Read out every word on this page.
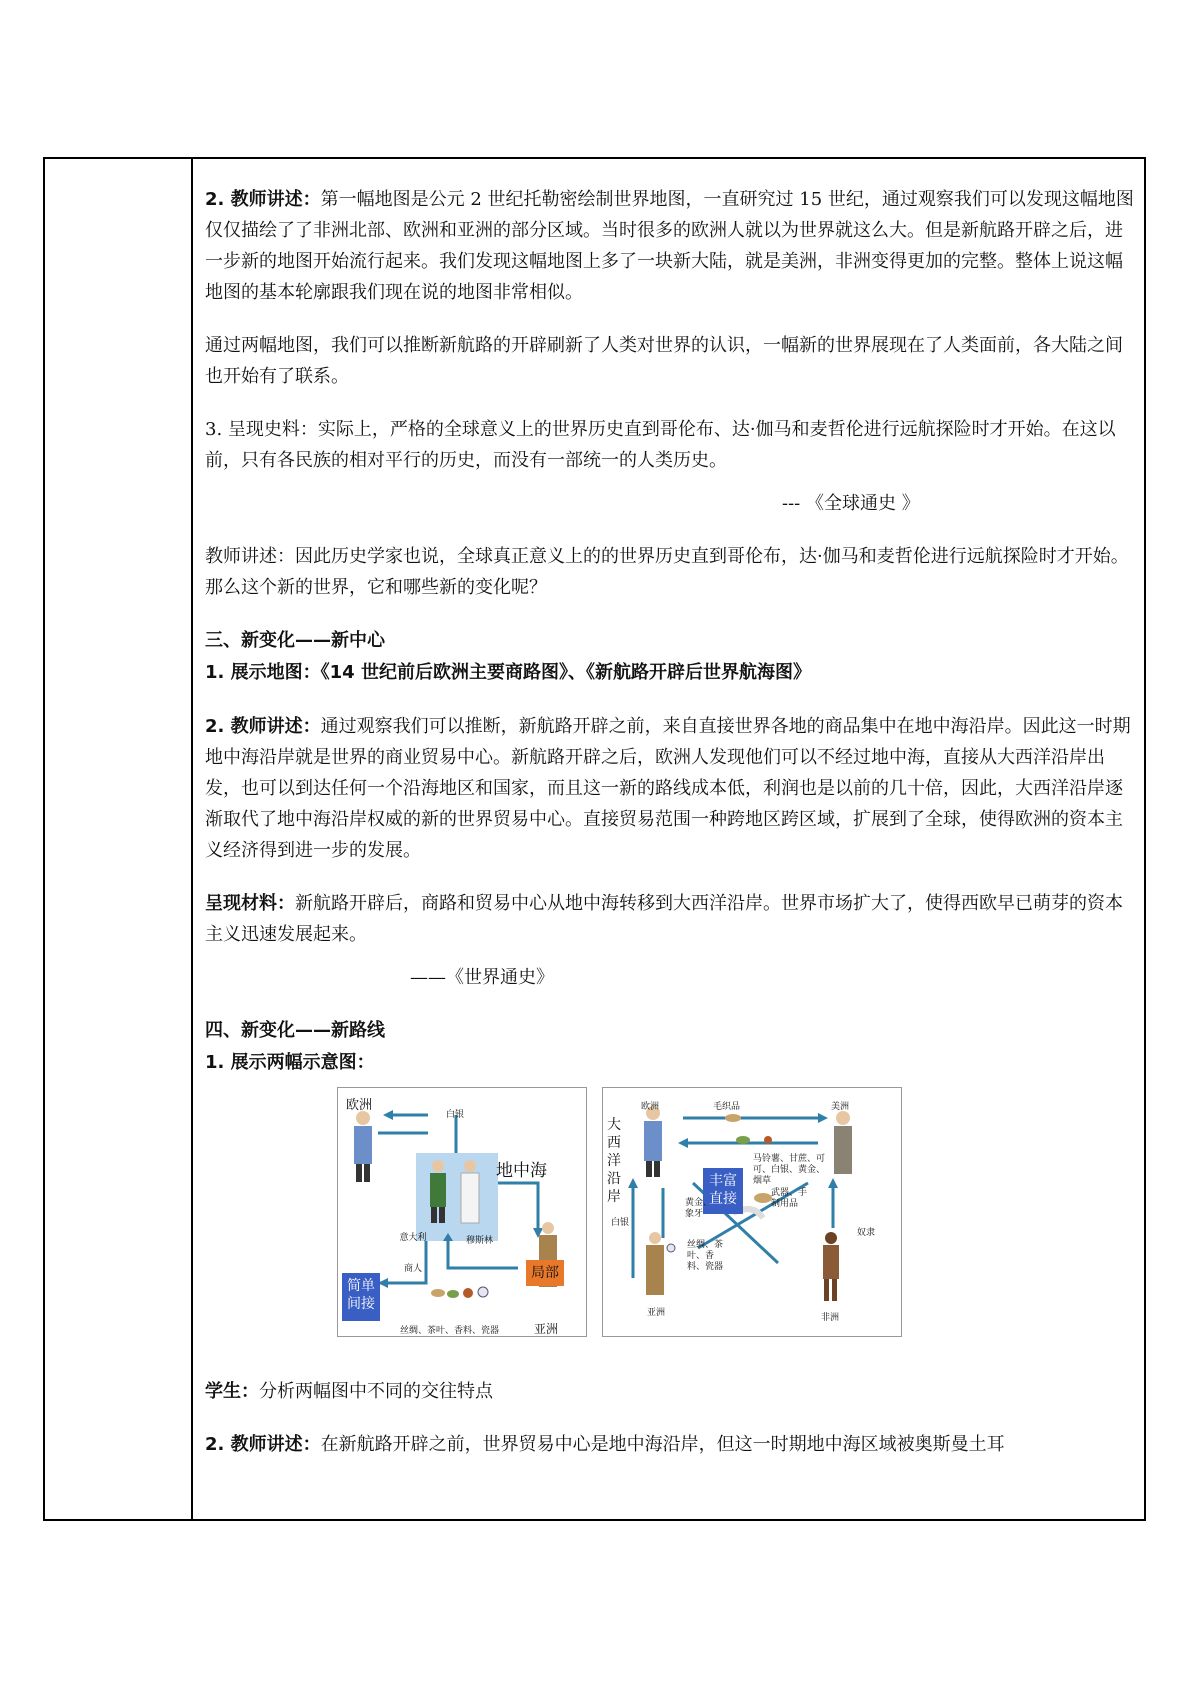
2. 教师讲述：第一幅地图是公元 2 世纪托勒密绘制世界地图，一直研究过 15 世纪，通过观察我们可以发现这幅地图仅仅描绘了了非洲北部、欧洲和亚洲的部分区域。当时很多的欧洲人就以为世界就这么大。但是新航路开辟之后，进一步新的地图开始流行起来。我们发现这幅地图上多了一块新大陆，就是美洲，非洲变得更加的完整。整体上说这幅地图的基本轮廓跟我们现在说的地图非常相似。

通过两幅地图，我们可以推断新航路的开辟刷新了人类对世界的认识，一幅新的世界展现在了人类面前，各大陆之间也开始有了联系。

3. 呈现史料：实际上，严格的全球意义上的世界历史直到哥伦布、达·伽马和麦哲伦进行远航探险时才开始。在这以前，只有各民族的相对平行的历史，而没有一部统一的人类历史。

--- 《全球通史 》

教师讲述：因此历史学家也说，全球真正意义上的的世界历史直到哥伦布，达·伽马和麦哲伦进行远航探险时才开始。那么这个新的世界，它和哪些新的变化呢？

三、新变化——新中心

1. 展示地图：《14 世纪前后欧洲主要商路图》、《新航路开辟后世界航海图》

2. 教师讲述：通过观察我们可以推断，新航路开辟之前，来自直接世界各地的商品集中在地中海沿岸。因此这一时期地中海沿岸就是世界的商业贸易中心。新航路开辟之后，欧洲人发现他们可以不经过地中海，直接从大西洋沿岸出发，也可以到达任何一个沿海地区和国家，而且这一新的路线成本低，利润也是以前的几十倍，因此，大西洋沿岸逐渐取代了地中海沿岸权威的新的世界贸易中心。直接贸易范围一种跨地区跨区域，扩展到了全球，使得欧洲的资本主义经济得到进一步的发展。

呈现材料：新航路开辟后，商路和贸易中心从地中海转移到大西洋沿岸。世界市场扩大了，使得西欧早已萌芽的资本主义迅速发展起来。

——《世界通史》

四、新变化——新路线

1. 展示两幅示意图：

欧洲
白银
地中海
意大利商人
穆斯林
简单间接
局部
丝绸、茶叶、香料、瓷器	亚洲
欧洲
大西洋沿岸
毛织品	美洲
马铃薯、甘蔗、可可、白银、黄金、烟草
丰富直接
白银
黄金、象牙
武器、手制用品
奴隶
丝绸、茶叶、香料、瓷器
亚洲	非洲

学生：分析两幅图中不同的交往特点

2. 教师讲述：在新航路开辟之前，世界贸易中心是地中海沿岸，但这一时期地中海区域被奥斯曼土耳
